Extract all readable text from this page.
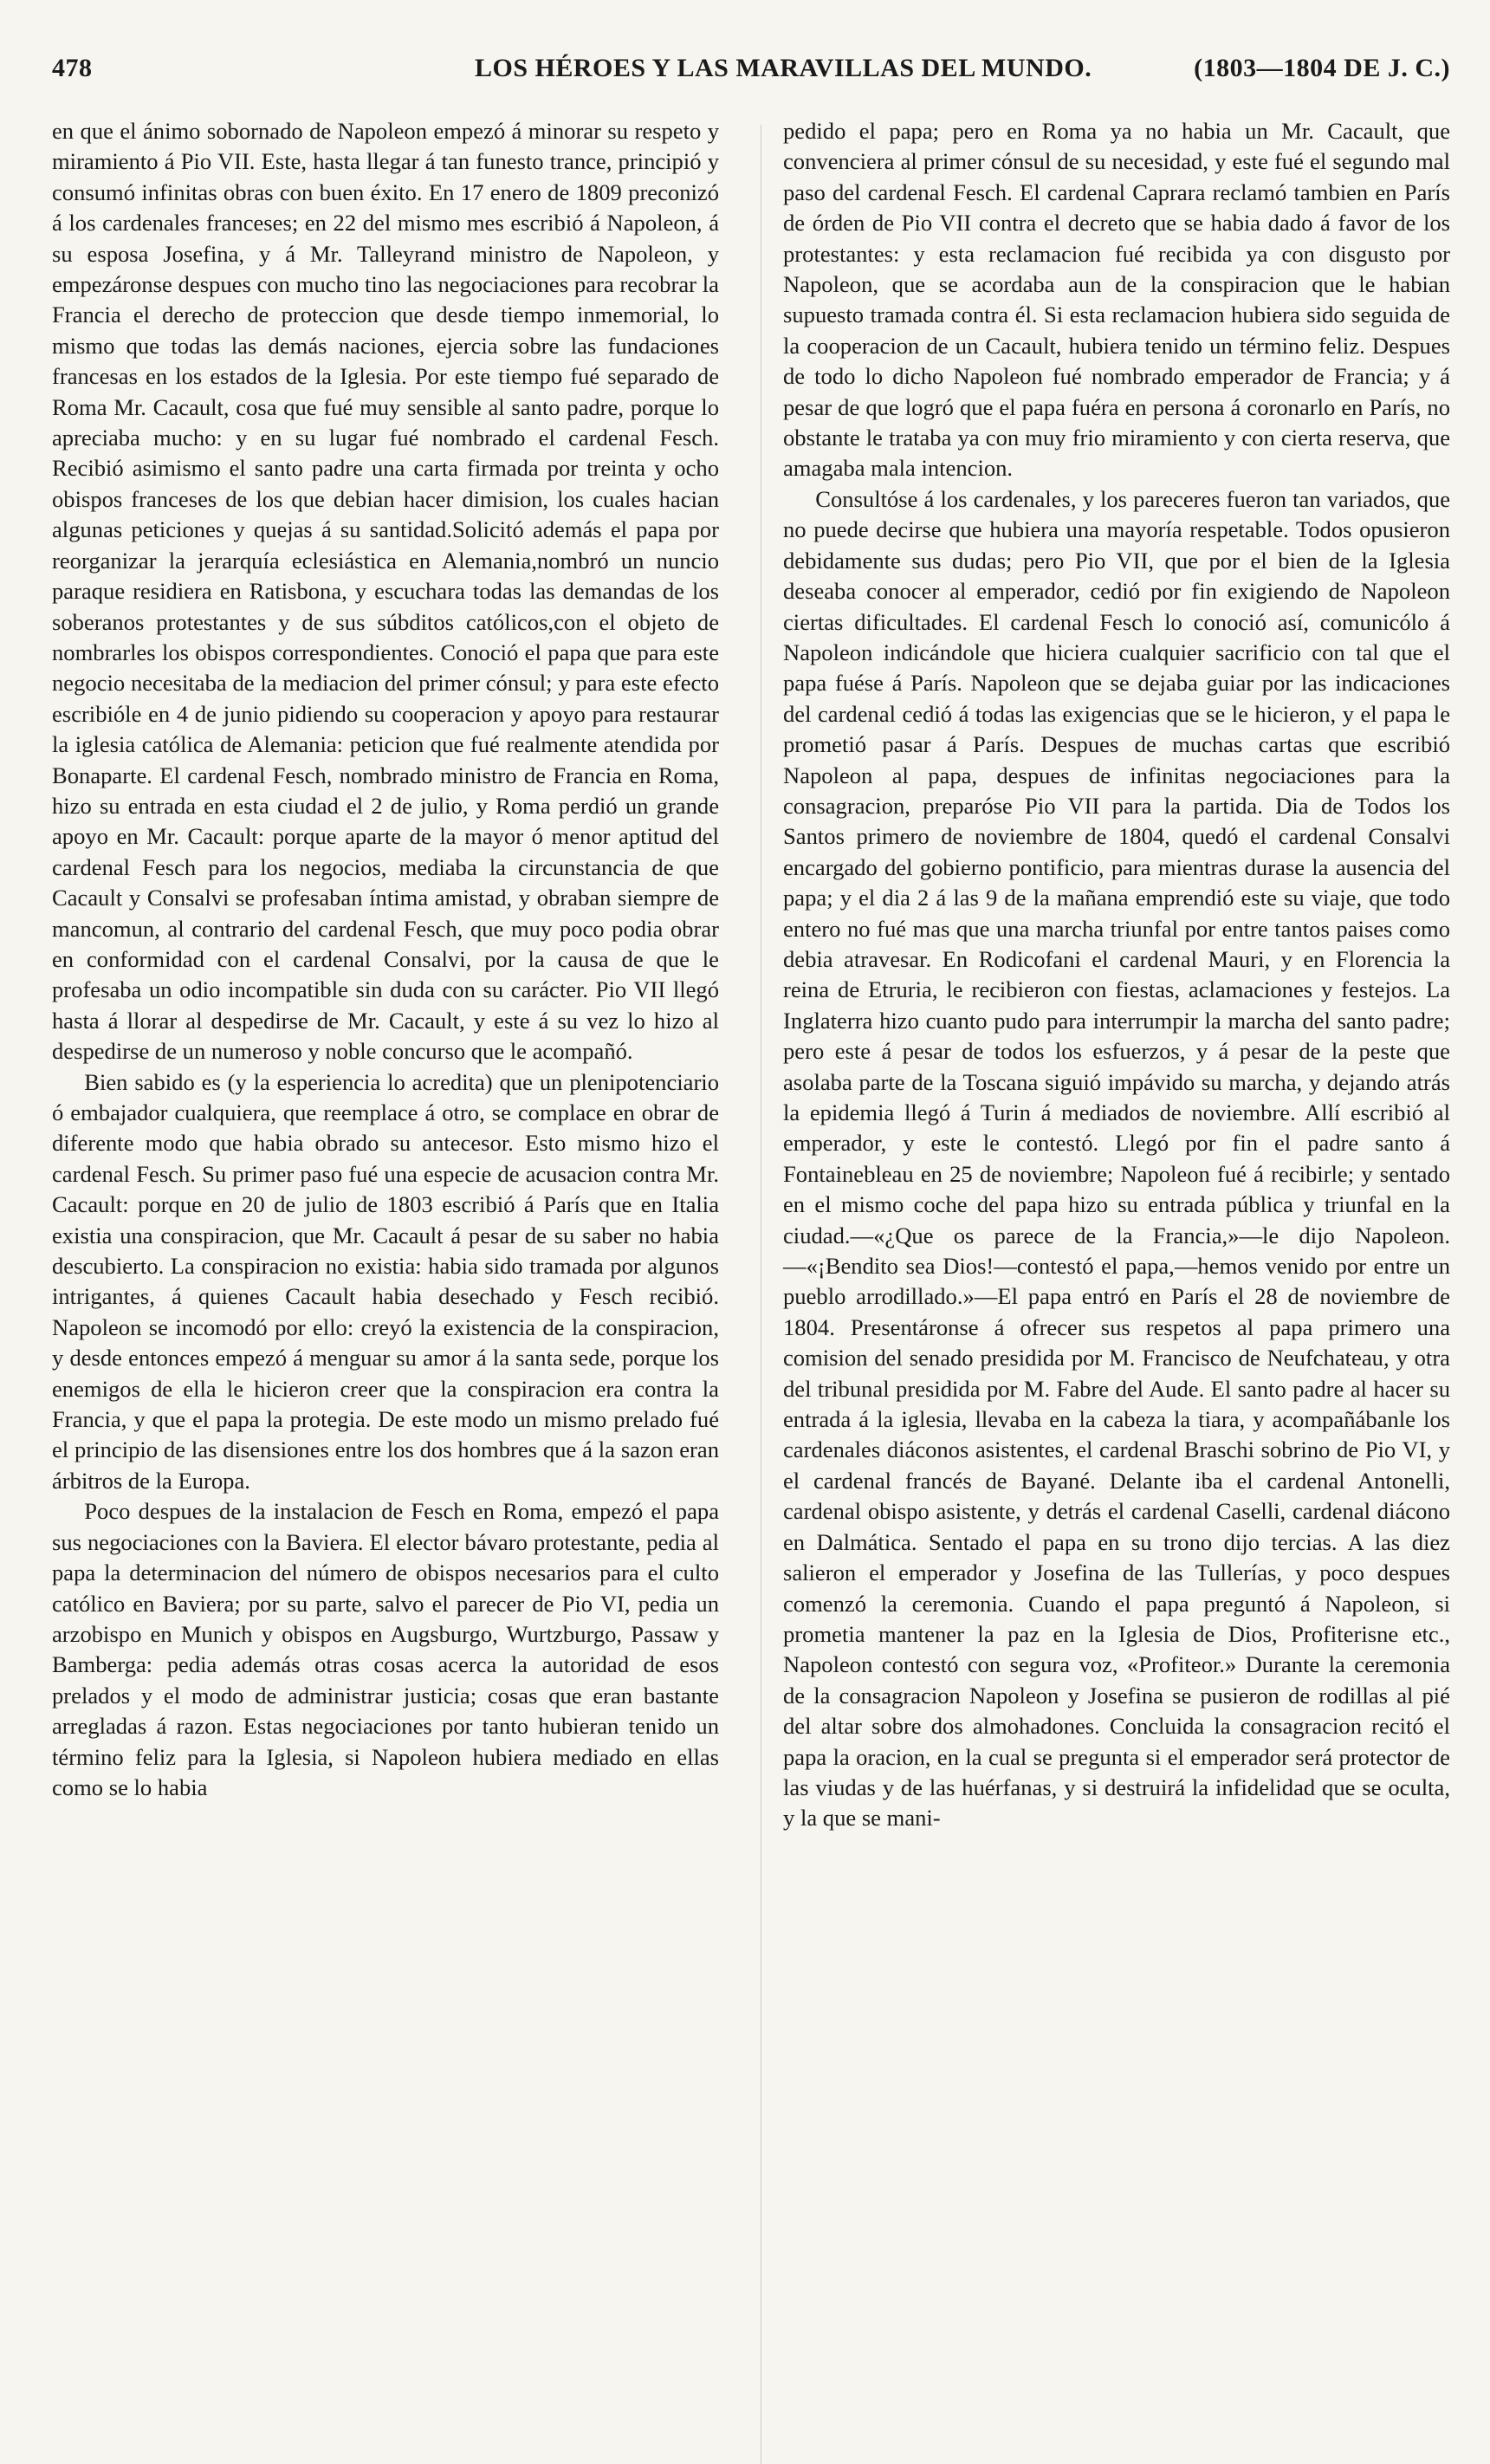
478	LOS HÉROES Y LAS MARAVILLAS DEL MUNDO.	(1803—1804 DE J. C.)

en que el ánimo sobornado de Napoleon empezó á minorar su respeto y miramiento á Pio VII. Este, hasta llegar á tan funesto trance, principió y consumó infinitas obras con buen éxito. En 17 enero de 1809 preconizó á los cardenales franceses; en 22 del mismo mes escribió á Napoleon, á su esposa Josefina, y á Mr. Talleyrand ministro de Napoleon, y empezáronse despues con mucho tino las negociaciones para recobrar la Francia el derecho de proteccion que desde tiempo inmemorial, lo mismo que todas las demás naciones, ejercia sobre las fundaciones francesas en los estados de la Iglesia. Por este tiempo fué separado de Roma Mr. Cacault, cosa que fué muy sensible al santo padre, porque lo apreciaba mucho: y en su lugar fué nombrado el cardenal Fesch. Recibió asimismo el santo padre una carta firmada por treinta y ocho obispos franceses de los que debian hacer dimision, los cuales hacian algunas peticiones y quejas á su santidad.Solicitó además el papa por reorganizar la jerarquía eclesiástica en Alemania,nombró un nuncio paraque residiera en Ratisbona, y escuchara todas las demandas de los soberanos protestantes y de sus súbditos católicos,con el objeto de nombrarles los obispos correspondientes. Conoció el papa que para este negocio necesitaba de la mediacion del primer cónsul; y para este efecto escribióle en 4 de junio pidiendo su cooperacion y apoyo para restaurar la iglesia católica de Alemania: peticion que fué realmente atendida por Bonaparte. El cardenal Fesch, nombrado ministro de Francia en Roma, hizo su entrada en esta ciudad el 2 de julio, y Roma perdió un grande apoyo en Mr. Cacault: porque aparte de la mayor ó menor aptitud del cardenal Fesch para los negocios, mediaba la circunstancia de que Cacault y Consalvi se profesaban íntima amistad, y obraban siempre de mancomun, al contrario del cardenal Fesch, que muy poco podia obrar en conformidad con el cardenal Consalvi, por la causa de que le profesaba un odio incompatible sin duda con su carácter. Pio VII llegó hasta á llorar al despedirse de Mr. Cacault, y este á su vez lo hizo al despedirse de un numeroso y noble concurso que le acompañó.

Bien sabido es (y la esperiencia lo acredita) que un plenipotenciario ó embajador cualquiera, que reemplace á otro, se complace en obrar de diferente modo que habia obrado su antecesor. Esto mismo hizo el cardenal Fesch. Su primer paso fué una especie de acusacion contra Mr. Cacault: porque en 20 de julio de 1803 escribió á París que en Italia existia una conspiracion, que Mr. Cacault á pesar de su saber no habia descubierto. La conspiracion no existia: habia sido tramada por algunos intrigantes, á quienes Cacault habia desechado y Fesch recibió. Napoleon se incomodó por ello: creyó la existencia de la conspiracion, y desde entonces empezó á menguar su amor á la santa sede, porque los enemigos de ella le hicieron creer que la conspiracion era contra la Francia, y que el papa la protegia. De este modo un mismo prelado fué el principio de las disensiones entre los dos hombres que á la sazon eran árbitros de la Europa.

Poco despues de la instalacion de Fesch en Roma, empezó el papa sus negociaciones con la Baviera. El elector bávaro protestante, pedia al papa la determinacion del número de obispos necesarios para el culto católico en Baviera; por su parte, salvo el parecer de Pio VI, pedia un arzobispo en Munich y obispos en Augsburgo, Wurtzburgo, Passaw y Bamberga: pedia además otras cosas acerca la autoridad de esos prelados y el modo de administrar justicia; cosas que eran bastante arregladas á razon. Estas negociaciones por tanto hubieran tenido un término feliz para la Iglesia, si Napoleon hubiera mediado en ellas como se lo habia

pedido el papa; pero en Roma ya no habia un Mr. Cacault, que convenciera al primer cónsul de su necesidad, y este fué el segundo mal paso del cardenal Fesch. El cardenal Caprara reclamó tambien en París de órden de Pio VII contra el decreto que se habia dado á favor de los protestantes: y esta reclamacion fué recibida ya con disgusto por Napoleon, que se acordaba aun de la conspiracion que le habian supuesto tramada contra él. Si esta reclamacion hubiera sido seguida de la cooperacion de un Cacault, hubiera tenido un término feliz. Despues de todo lo dicho Napoleon fué nombrado emperador de Francia; y á pesar de que logró que el papa fuéra en persona á coronarlo en París, no obstante le trataba ya con muy frio miramiento y con cierta reserva, que amagaba mala intencion.

Consultóse á los cardenales, y los pareceres fueron tan variados, que no puede decirse que hubiera una mayoría respetable. Todos opusieron debidamente sus dudas; pero Pio VII, que por el bien de la Iglesia deseaba conocer al emperador, cedió por fin exigiendo de Napoleon ciertas dificultades. El cardenal Fesch lo conoció así, comunicólo á Napoleon indicándole que hiciera cualquier sacrificio con tal que el papa fuése á París. Napoleon que se dejaba guiar por las indicaciones del cardenal cedió á todas las exigencias que se le hicieron, y el papa le prometió pasar á París. Despues de muchas cartas que escribió Napoleon al papa, despues de infinitas negociaciones para la consagracion, preparóse Pio VII para la partida. Dia de Todos los Santos primero de noviembre de 1804, quedó el cardenal Consalvi encargado del gobierno pontificio, para mientras durase la ausencia del papa; y el dia 2 á las 9 de la mañana emprendió este su viaje, que todo entero no fué mas que una marcha triunfal por entre tantos paises como debia atravesar. En Rodicofani el cardenal Mauri, y en Florencia la reina de Etruria, le recibieron con fiestas, aclamaciones y festejos. La Inglaterra hizo cuanto pudo para interrumpir la marcha del santo padre; pero este á pesar de todos los esfuerzos, y á pesar de la peste que asolaba parte de la Toscana siguió impávido su marcha, y dejando atrás la epidemia llegó á Turin á mediados de noviembre. Allí escribió al emperador, y este le contestó. Llegó por fin el padre santo á Fontainebleau en 25 de noviembre; Napoleon fué á recibirle; y sentado en el mismo coche del papa hizo su entrada pública y triunfal en la ciudad.—«¿Que os parece de la Francia,»—le dijo Napoleon.—«¡Bendito sea Dios!—contestó el papa,—hemos venido por entre un pueblo arrodillado.»—El papa entró en París el 28 de noviembre de 1804. Presentáronse á ofrecer sus respetos al papa primero una comision del senado presidida por M. Francisco de Neufchateau, y otra del tribunal presidida por M. Fabre del Aude. El santo padre al hacer su entrada á la iglesia, llevaba en la cabeza la tiara, y acompañábanle los cardenales diáconos asistentes, el cardenal Braschi sobrino de Pio VI, y el cardenal francés de Bayané. Delante iba el cardenal Antonelli, cardenal obispo asistente, y detrás el cardenal Caselli, cardenal diácono en Dalmática. Sentado el papa en su trono dijo tercias. A las diez salieron el emperador y Josefina de las Tullerías, y poco despues comenzó la ceremonia. Cuando el papa preguntó á Napoleon, si prometia mantener la paz en la Iglesia de Dios, Profiterisne etc., Napoleon contestó con segura voz, «Profiteor.» Durante la ceremonia de la consagracion Napoleon y Josefina se pusieron de rodillas al pié del altar sobre dos almohadones. Concluida la consagracion recitó el papa la oracion, en la cual se pregunta si el emperador será protector de las viudas y de las huérfanas, y si destruirá la infidelidad que se oculta, y la que se mani-
